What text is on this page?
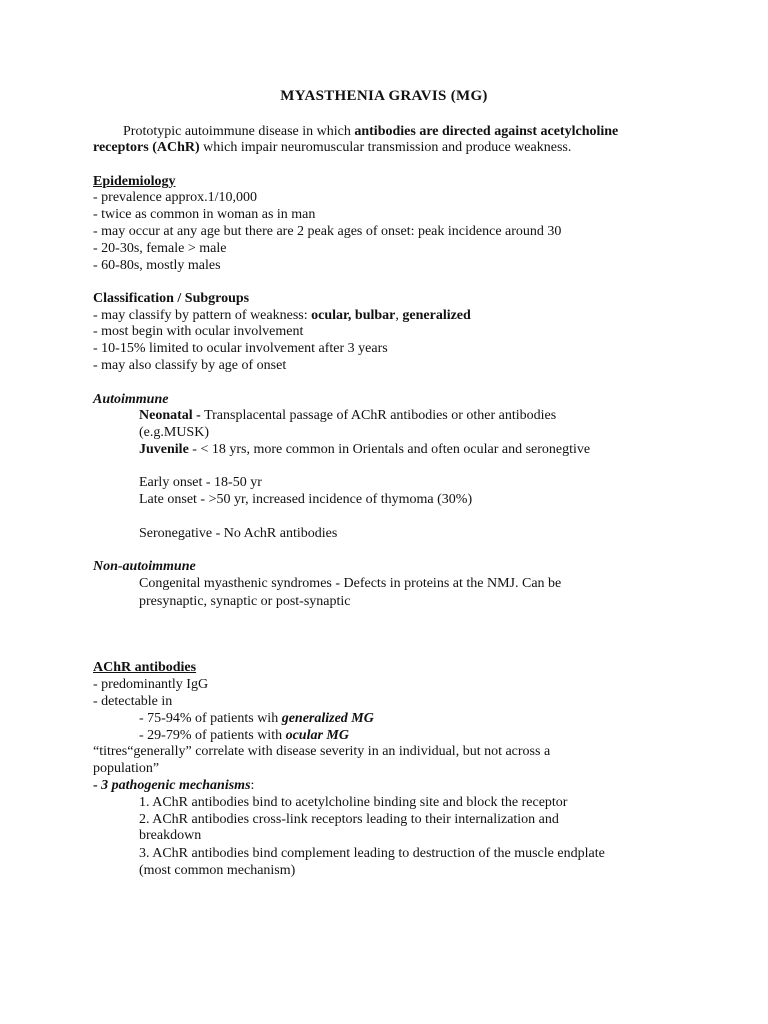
MYASTHENIA GRAVIS (MG)
Prototypic autoimmune disease in which antibodies are directed against acetylcholine
receptors (AChR) which impair neuromuscular transmission and produce weakness.
Epidemiology
- prevalence approx.1/10,000
- twice as common in woman as in man
- may occur at any age but there are 2 peak ages of onset: peak incidence around 30
- 20-30s, female > male
- 60-80s, mostly males
Classification / Subgroups
- may classify by pattern of weakness: ocular, bulbar, generalized
- most begin with ocular involvement
- 10-15% limited to ocular involvement after 3 years
- may also classify by age of onset
Autoimmune
Neonatal - Transplacental passage of AChR antibodies or other antibodies
(e.g.MUSK)
Juvenile - < 18 yrs, more common in Orientals and often ocular and seronegtive
Early onset - 18-50 yr
Late onset - >50 yr, increased incidence of thymoma (30%)
Seronegative - No AchR antibodies
Non-autoimmune
Congenital myasthenic syndromes - Defects in proteins at the NMJ. Can be
presynaptic, synaptic or post-synaptic
AChR antibodies
- predominantly IgG
- detectable in
- 75-94% of patients wih generalized MG
- 29-79% of patients with ocular MG
“titres“generally” correlate with disease severity in an individual, but not across a
population”
- 3 pathogenic mechanisms:
1. AChR antibodies bind to acetylcholine binding site and block the receptor
2. AChR antibodies cross-link receptors leading to their internalization and
breakdown
3. AChR antibodies bind complement leading to destruction of the muscle endplate
(most common mechanism)
